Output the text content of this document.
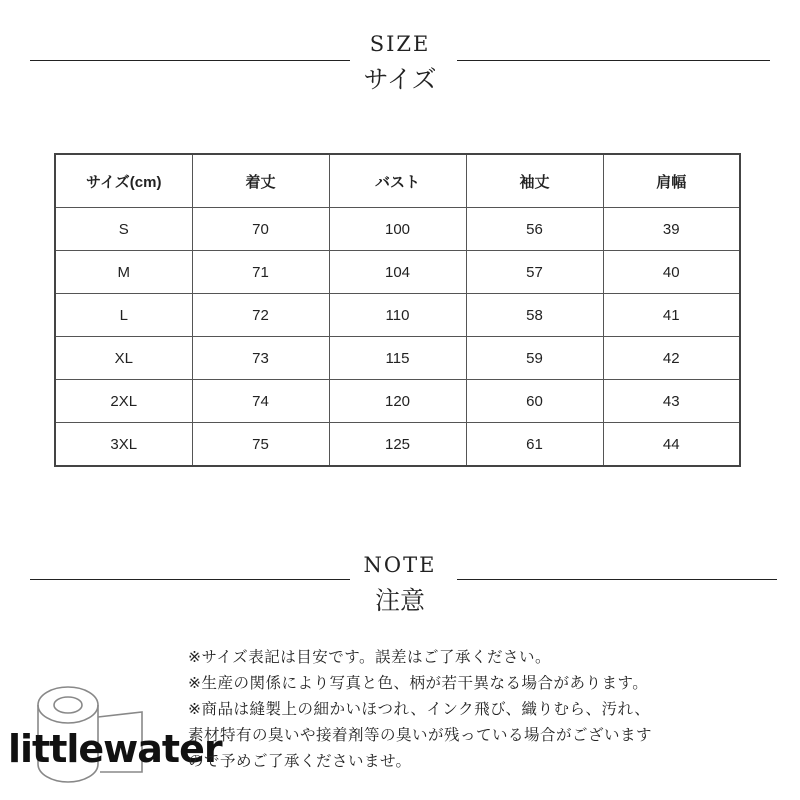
SIZE
サイズ
サイズ(cm)	着丈	バスト	袖丈	肩幅
S	70	100	56	39
M	71	104	57	40
L	72	110	58	41
XL	73	115	59	42
2XL	74	120	60	43
3XL	75	125	61	44
NOTE
注意
littlewater
※サイズ表記は目安です。誤差はご了承ください。
※生産の関係により写真と色、柄が若干異なる場合があります。
※商品は縫製上の細かいほつれ、インク飛び、織りむら、汚れ、
素材特有の臭いや接着剤等の臭いが残っている場合がございます
ので予めご了承くださいませ。
